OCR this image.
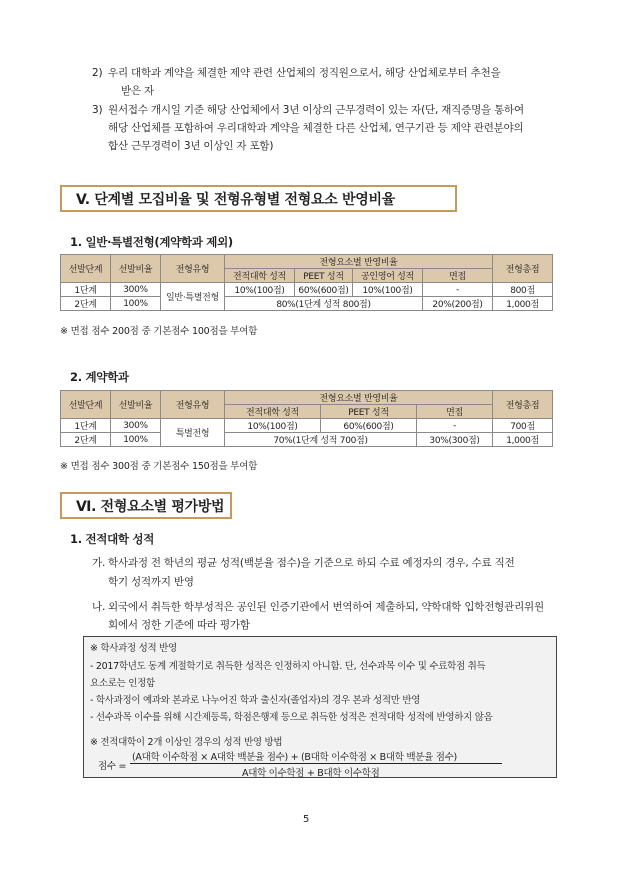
2) 우리 대학과 계약을 체결한 제약 관련 산업체의 정직원으로서, 해당 산업체로부터 추천을
받은 자
3) 원서접수 개시일 기준 해당 산업체에서 3년 이상의 근무경력이 있는 자(단, 재직증명을 통하여
해당 산업체를 포함하여 우리대학과 계약을 체결한 다른 산업체, 연구기관 등 제약 관련분야의
합산 근무경력이 3년 이상인 자 포함)
V. 단계별 모집비율 및 전형유형별 전형요소 반영비율
1. 일반·특별전형(계약학과 제외)
선발단계	선발비율	전형유형	전형요소별 반영비율				전형총점
			전적대학 성적	PEET 성적	공인영어 성적	면접	
1단계	300%	일반·특별전형	10%(100점)	60%(600점)	10%(100점)	-	800점
2단계	100%		80%(1단계 성적 800점)			20%(200점)	1,000점
※ 면접 점수 200점 중 기본점수 100점을 부여함
2. 계약학과
선발단계	선발비율	전형유형	전형요소별 반영비율			전형총점
			전적대학 성적	PEET 성적	면접	
1단계	300%	특별전형	10%(100점)	60%(600점)	-	700점
2단계	100%		70%(1단계 성적 700점)		30%(300점)	1,000점
※ 면접 점수 300점 중 기본점수 150점을 부여함
Ⅵ. 전형요소별 평가방법
1. 전적대학 성적
가. 학사과정 전 학년의 평균 성적(백분율 점수)을 기준으로 하되 수료 예정자의 경우, 수료 직전
학기 성적까지 반영
나. 외국에서 취득한 학부성적은 공인된 인증기관에서 번역하여 제출하되, 약학대학 입학전형관리위원
회에서 정한 기준에 따라 평가함
※ 학사과정 성적 반영
- 2017학년도 동계 계절학기로 취득한 성적은 인정하지 아니함. 단, 선수과목 이수 및 수료학점 취득
요소로는 인정함
- 학사과정이 예과와 본과로 나누어진 학과 출신자(졸업자)의 경우 본과 성적만 반영
- 선수과목 이수를 위해 시간제등록, 학점은행제 등으로 취득한 성적은 전적대학 성적에 반영하지 않음
※ 전적대학이 2개 이상인 경우의 성적 반영 방법
점수 =
(A대학 이수학점 × A대학 백분율 점수) + (B대학 이수학점 × B대학 백분율 점수)
A대학 이수학점 + B대학 이수학점
5
